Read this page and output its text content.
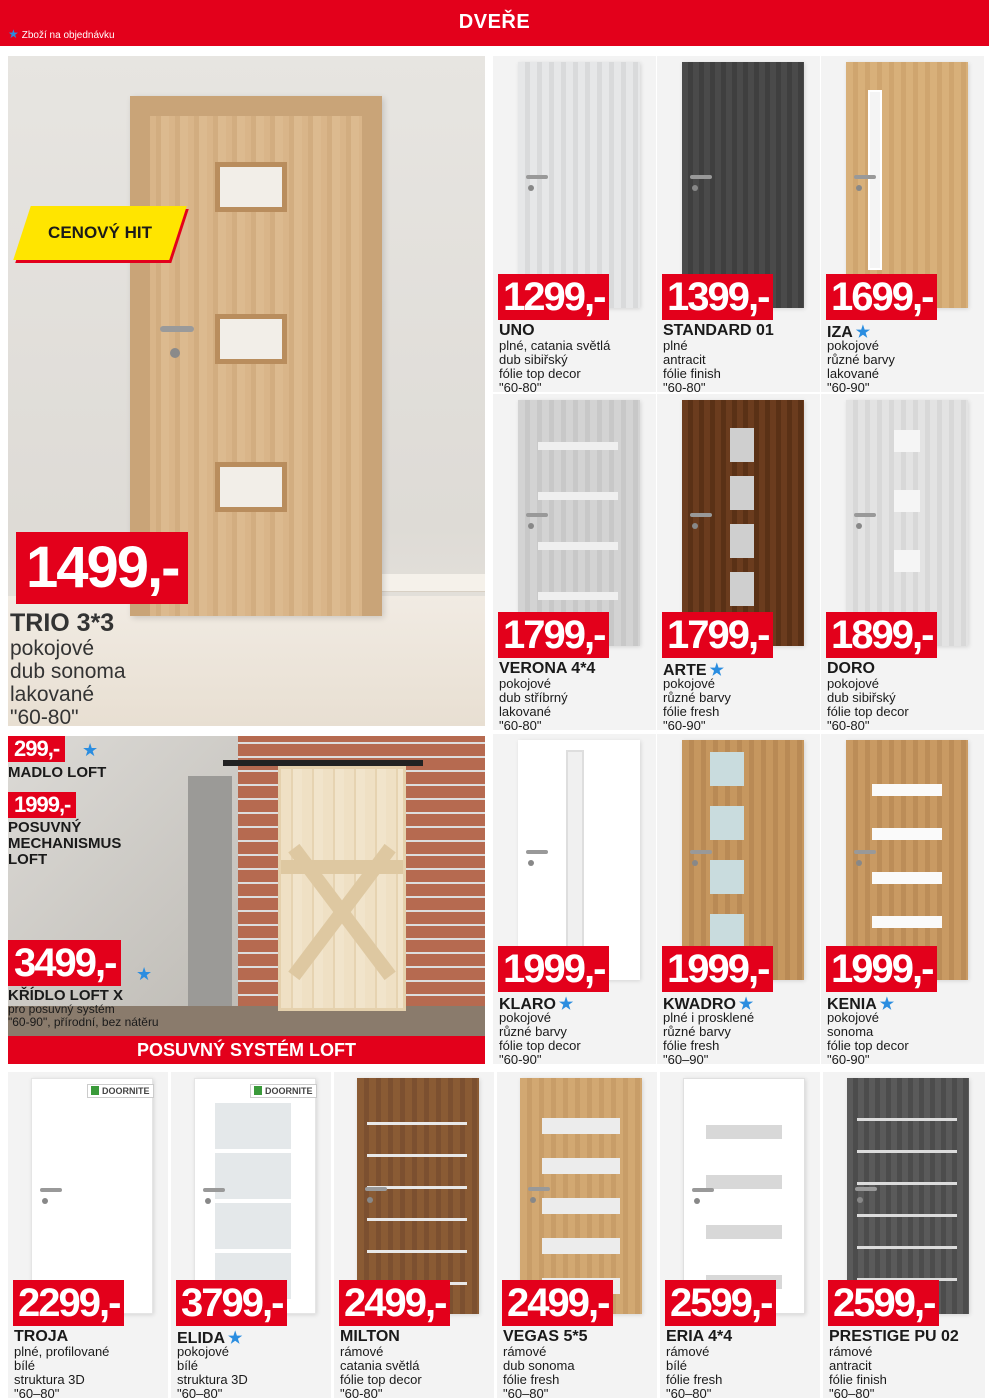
DVEŘE
★ Zboží na objednávku
CENOVÝ HIT
1499,-
TRIO 3*3
pokojové
dub sonoma
lakované
"60-80"
299,-	★
MADLO LOFT
1999,-
POSUVNÝ MECHANISMUS LOFT
3499,-	★
KŘÍDLO LOFT X
pro posuvný systém
"60-90", přírodní, bez nátěru
POSUVNÝ SYSTÉM LOFT
1299,-
UNO
plné, catania světlá
dub sibiřský
fólie top decor
"60-80"
1399,-
STANDARD 01
plné
antracit
fólie finish
"60-80"
1699,-
IZA ★
pokojové
různé barvy
lakované
"60-90"
1799,-
VERONA 4*4
pokojové
dub stříbrný
lakované
"60-80"
1799,-
ARTE ★
pokojové
různé barvy
fólie fresh
"60-90"
1899,-
DORO
pokojové
dub sibiřský
fólie top decor
"60-80"
1999,-
KLARO ★
pokojové
různé barvy
fólie top decor
"60-90"
1999,-
KWADRO ★
plné i prosklené
různé barvy
fólie fresh
"60–90"
1999,-
KENIA ★
pokojové
sonoma
fólie top decor
"60-90"
DOORNITE
2299,-
TROJA
plné, profilované
bílé
struktura 3D
"60–80"
DOORNITE
3799,-
ELIDA ★
pokojové
bílé
struktura 3D
"60–80"
2499,-
MILTON
rámové
catania světlá
fólie top decor
"60-80"
2499,-
VEGAS 5*5
rámové
dub sonoma
fólie fresh
"60–80"
2599,-
ERIA 4*4
rámové
bílé
fólie fresh
"60–80"
2599,-
PRESTIGE PU 02
rámové
antracit
fólie finish
"60–80"
